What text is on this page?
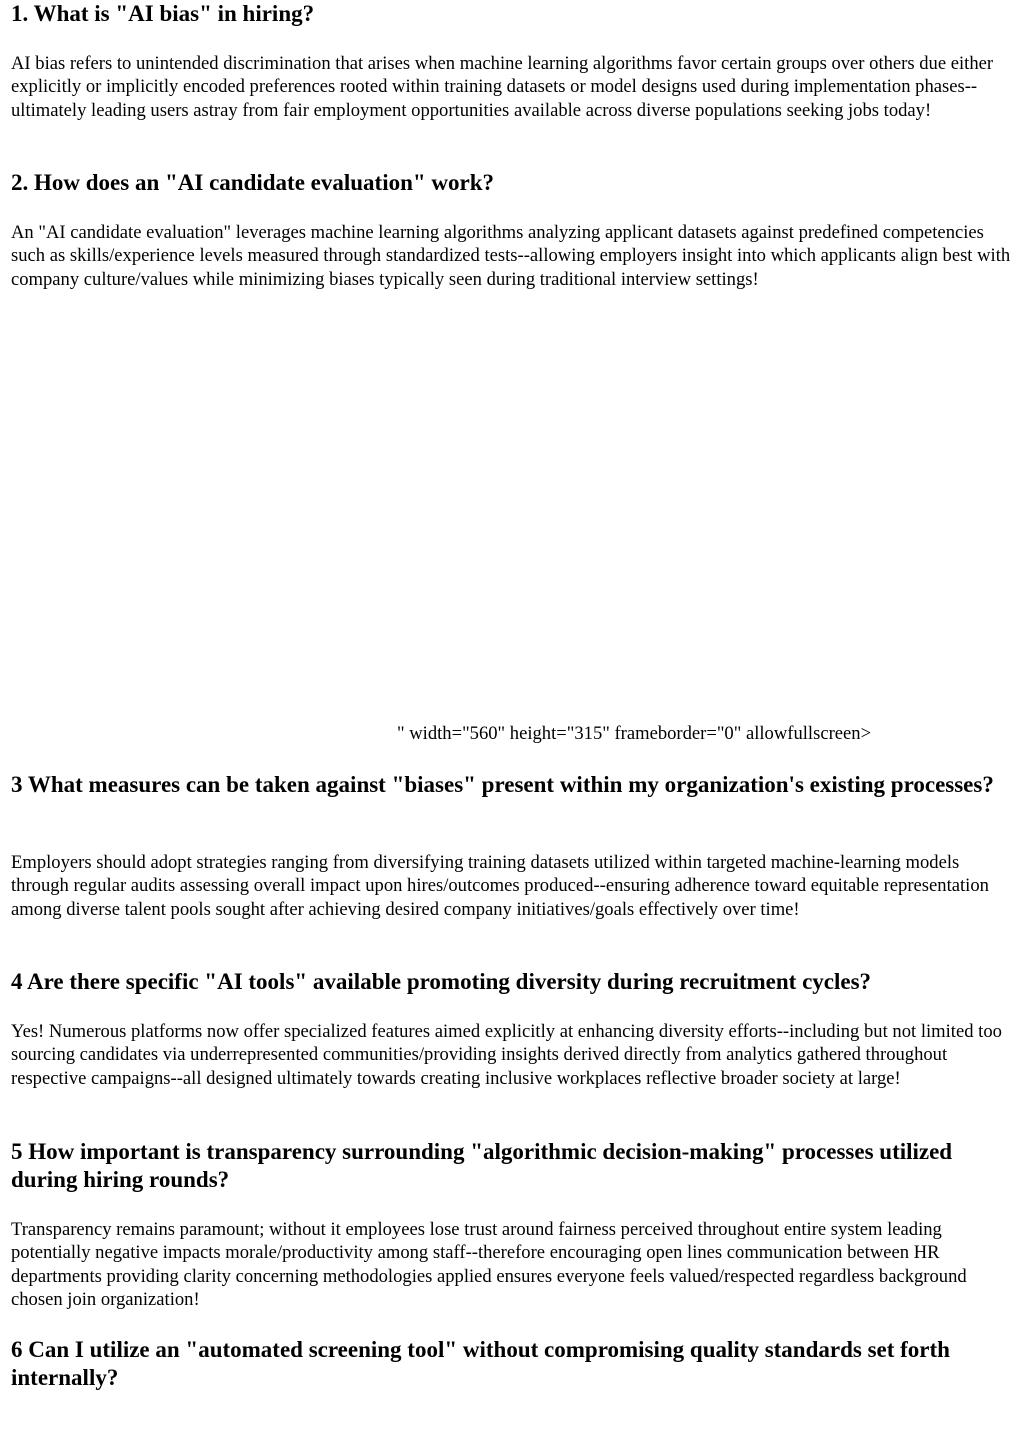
1. What is "AI bias" in hiring?

AI bias refers to unintended discrimination that arises when machine learning algorithms favor certain groups over others due either explicitly or implicitly encoded preferences rooted within training datasets or model designs used during implementation phases--ultimately leading users astray from fair employment opportunities available across diverse populations seeking jobs today!

2. How does an "AI candidate evaluation" work?

An "AI candidate evaluation" leverages machine learning algorithms analyzing applicant datasets against predefined competencies such as skills/experience levels measured through standardized tests--allowing employers insight into which applicants align best with company culture/values while minimizing biases typically seen during traditional interview settings!

" width="560" height="315" frameborder="0" allowfullscreen>
3 What measures can be taken against "biases" present within my organization's existing processes?

Employers should adopt strategies ranging from diversifying training datasets utilized within targeted machine-learning models through regular audits assessing overall impact upon hires/outcomes produced--ensuring adherence toward equitable representation among diverse talent pools sought after achieving desired company initiatives/goals effectively over time!

4 Are there specific "AI tools" available promoting diversity during recruitment cycles?

Yes! Numerous platforms now offer specialized features aimed explicitly at enhancing diversity efforts--including but not limited too sourcing candidates via underrepresented communities/providing insights derived directly from analytics gathered throughout respective campaigns--all designed ultimately towards creating inclusive workplaces reflective broader society at large!

5 How important is transparency surrounding "algorithmic decision-making" processes utilized during hiring rounds?

Transparency remains paramount; without it employees lose trust around fairness perceived throughout entire system leading potentially negative impacts morale/productivity among staff--therefore encouraging open lines communication between HR departments providing clarity concerning methodologies applied ensures everyone feels valued/respected regardless background chosen join organization!

6 Can I utilize an "automated screening tool" without compromising quality standards set forth internally?
